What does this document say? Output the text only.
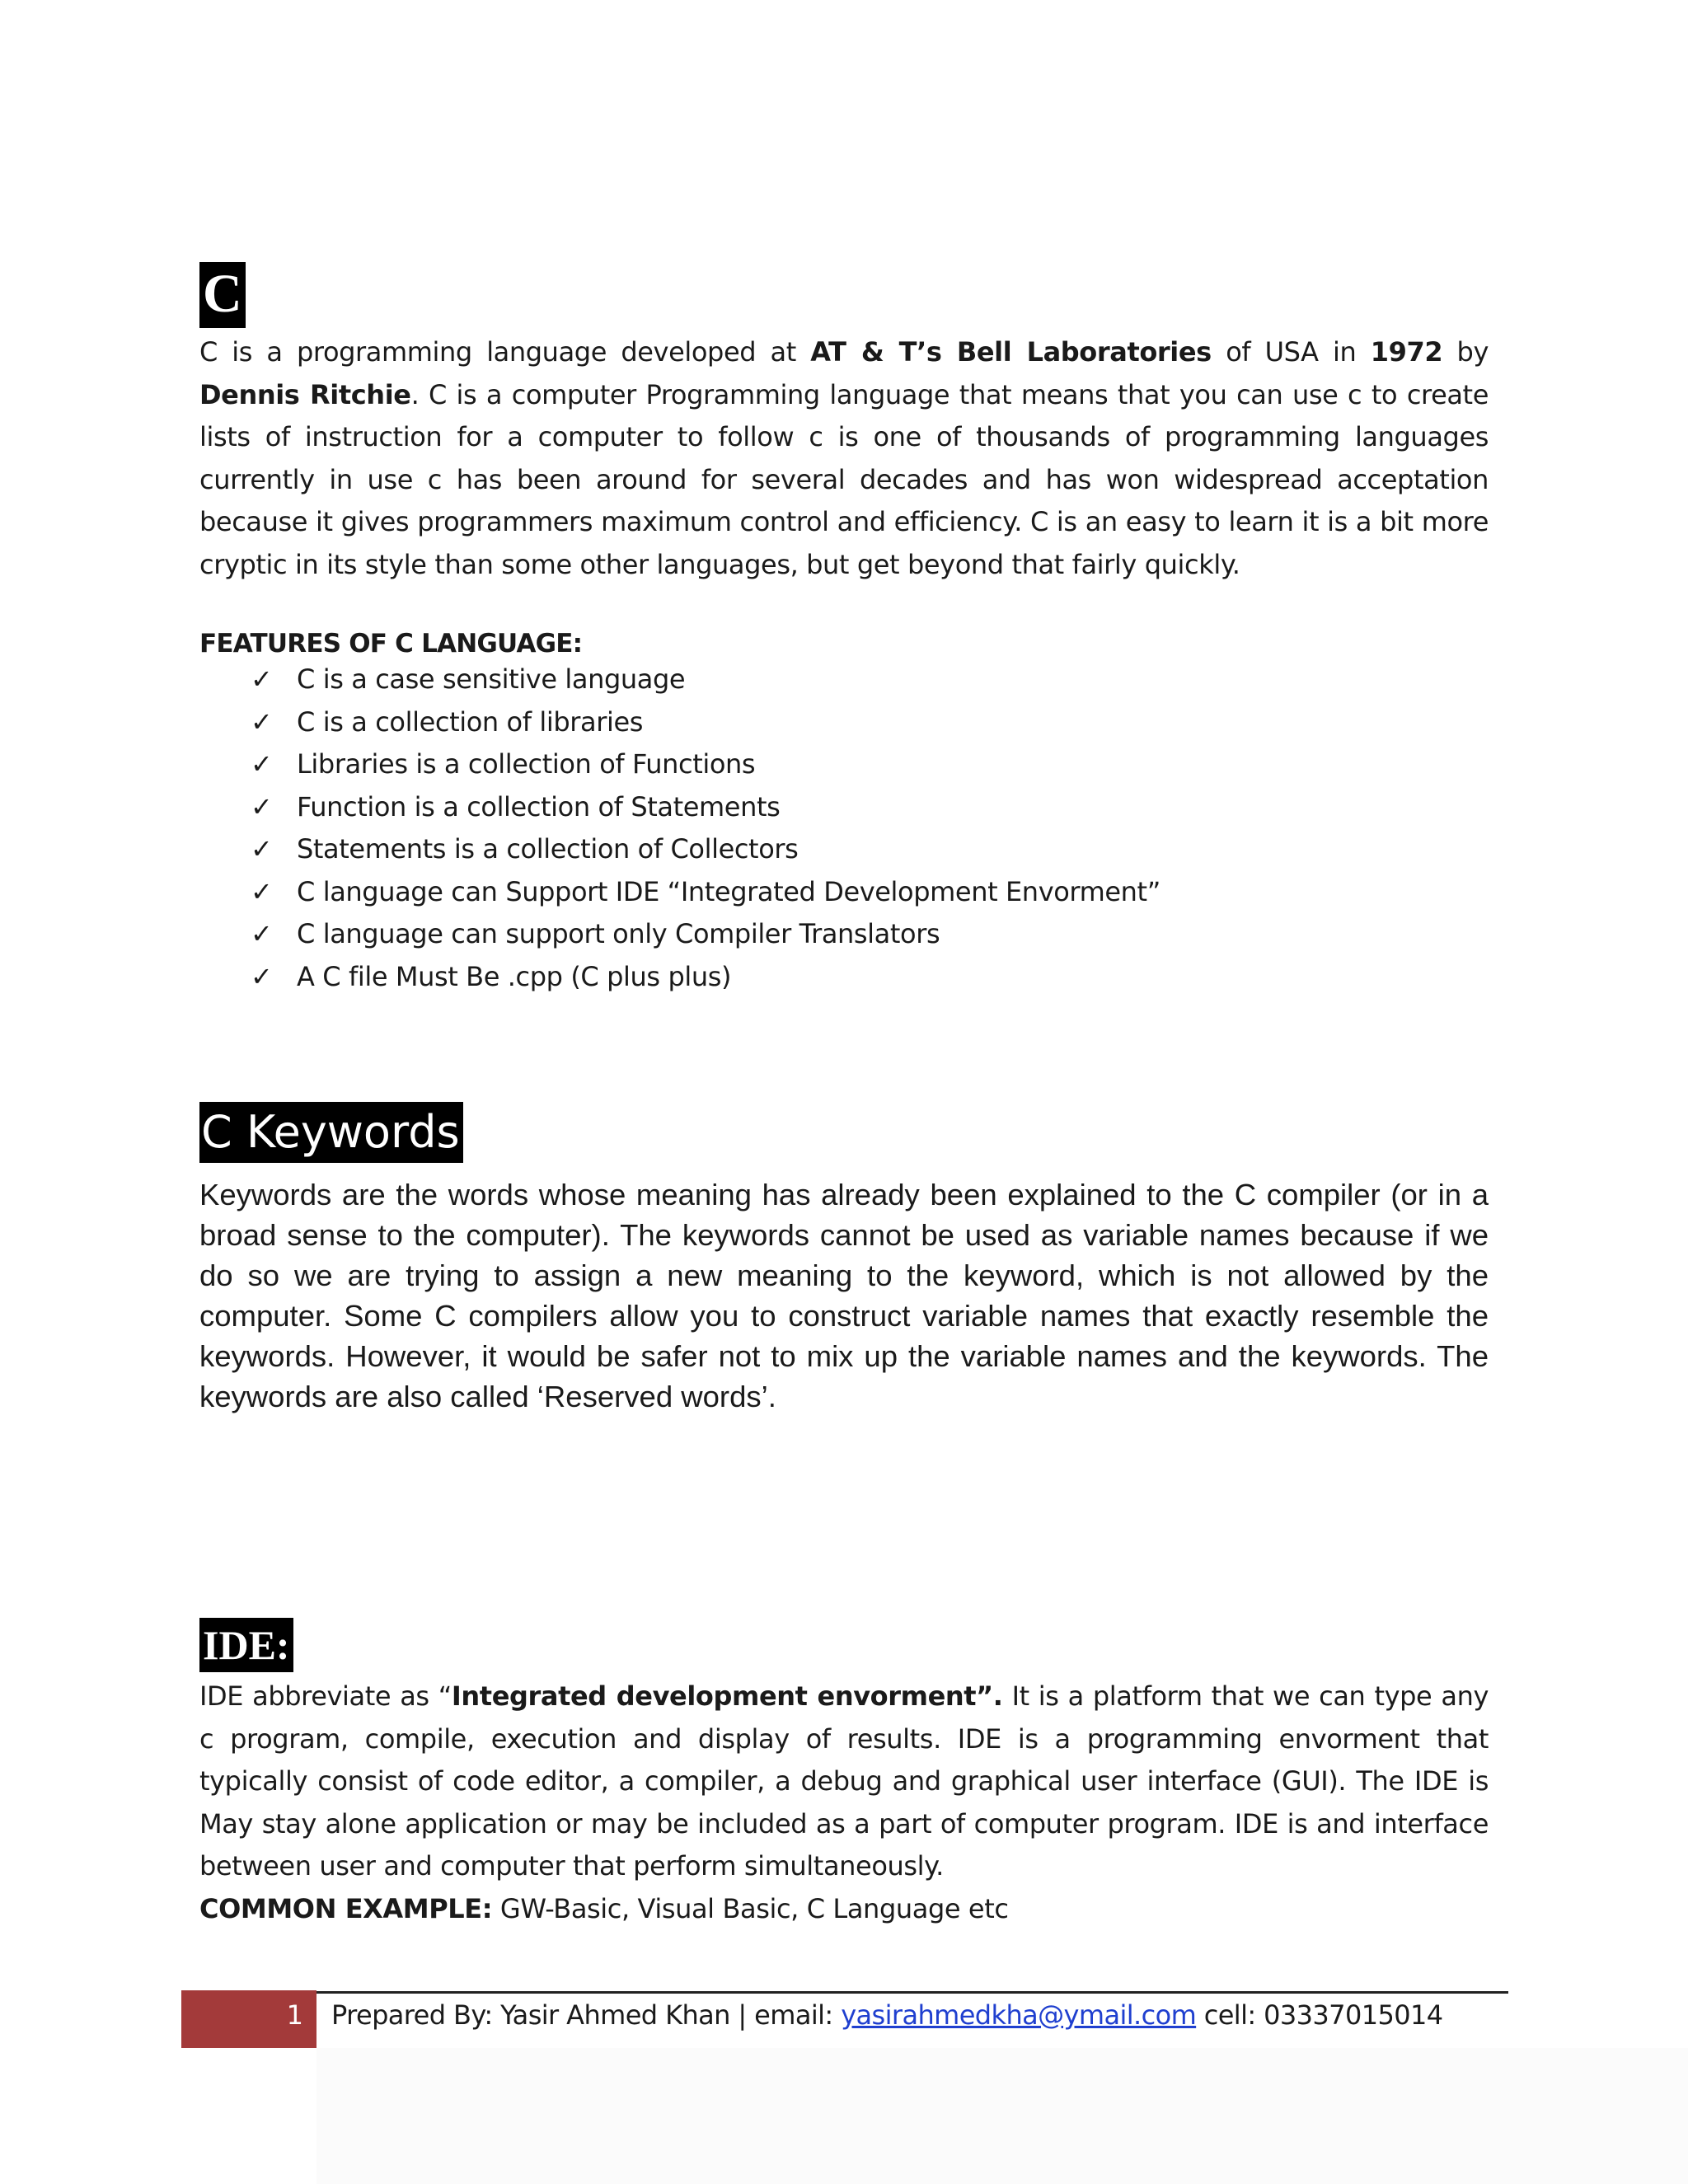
C

C is a programming language developed at AT & T’s Bell Laboratories of USA in 1972 by Dennis Ritchie. C is a computer Programming language that means that you can use c to create lists of instruction for a computer to follow c is one of thousands of programming languages currently in use c has been around for several decades and has won widespread acceptation because it gives programmers maximum control and efficiency. C is an easy to learn it is a bit more cryptic in its style than some other languages, but get beyond that fairly quickly.

FEATURES OF C LANGUAGE:

✓ C is a case sensitive language
✓ C is a collection of libraries
✓ Libraries is a collection of Functions
✓ Function is a collection of Statements
✓ Statements is a collection of Collectors
✓ C language can Support IDE “Integrated Development Envorment”
✓ C language can support only Compiler Translators
✓ A C file Must Be .cpp (C plus plus)
C Keywords

Keywords are the words whose meaning has already been explained to the C compiler (or in a broad sense to the computer). The keywords cannot be used as variable names because if we do so we are trying to assign a new meaning to the keyword, which is not allowed by the computer. Some C compilers allow you to construct variable names that exactly resemble the keywords. However, it would be safer not to mix up the variable names and the keywords. The keywords are also called ‘Reserved words’.

IDE:

IDE abbreviate as “Integrated development envorment”. It is a platform that we can type any c program, compile, execution and display of results. IDE is a programming envorment that typically consist of code editor, a compiler, a debug and graphical user interface (GUI). The IDE is May stay alone application or may be included as a part of computer program. IDE is and interface between user and computer that perform simultaneously.

COMMON EXAMPLE: GW-Basic, Visual Basic, C Language etc

1 Prepared By: Yasir Ahmed Khan | email: yasirahmedkha@ymail.com cell: 03337015014
